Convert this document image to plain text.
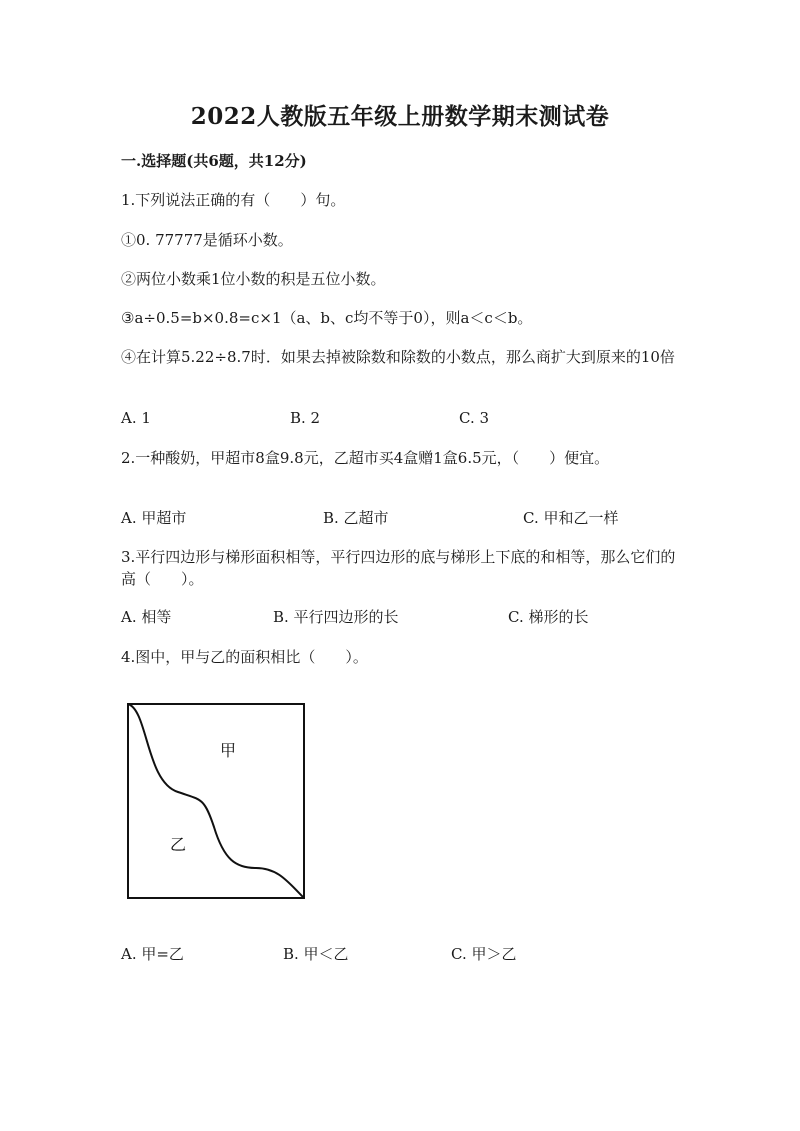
2022人教版五年级上册数学期末测试卷
一.选择题(共6题，共12分)
1.下列说法正确的有（　　）句。
①0. 77777是循环小数。
②两位小数乘1位小数的积是五位小数。
③a÷0.5=b×0.8=c×1（a、b、c均不等于0），则a＜c＜b。
④在计算5.22÷8.7时．如果去掉被除数和除数的小数点，那么商扩大到原来的10倍
A. 1	B. 2	C. 3
2.一种酸奶，甲超市8盒9.8元，乙超市买4盒赠1盒6.5元，（　　）便宜。
A. 甲超市	B. 乙超市	C. 甲和乙一样
3.平行四边形与梯形面积相等，平行四边形的底与梯形上下底的和相等，那么它们的高（　　）。
A. 相等	B. 平行四边形的长	C. 梯形的长
4.图中，甲与乙的面积相比（　　）。
甲
乙
A. 甲=乙	B. 甲＜乙	C. 甲＞乙
